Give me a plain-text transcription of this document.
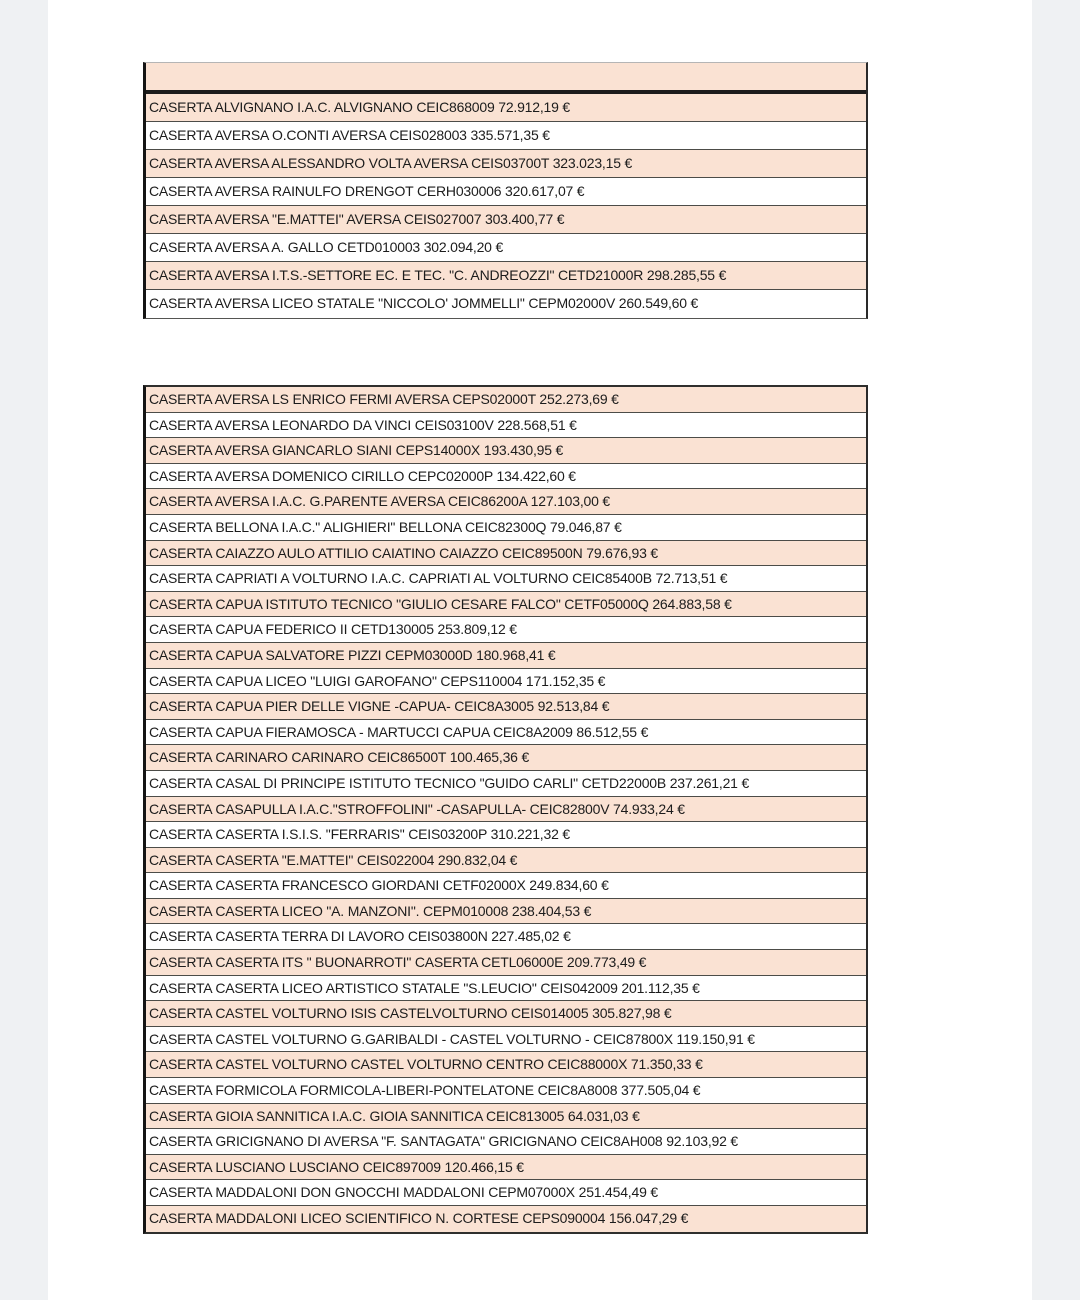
CASERTA ALVIGNANO I.A.C. ALVIGNANO CEIC868009 72.912,19 €
CASERTA AVERSA O.CONTI AVERSA CEIS028003 335.571,35 €
CASERTA AVERSA ALESSANDRO VOLTA AVERSA CEIS03700T 323.023,15 €
CASERTA AVERSA RAINULFO DRENGOT CERH030006 320.617,07 €
CASERTA AVERSA "E.MATTEI" AVERSA CEIS027007 303.400,77 €
CASERTA AVERSA A. GALLO CETD010003 302.094,20 €
CASERTA AVERSA I.T.S.-SETTORE EC. E TEC. "C. ANDREOZZI" CETD21000R 298.285,55 €
CASERTA AVERSA LICEO STATALE "NICCOLO' JOMMELLI" CEPM02000V 260.549,60 €
CASERTA AVERSA LS ENRICO FERMI AVERSA CEPS02000T 252.273,69 €
CASERTA AVERSA LEONARDO DA VINCI CEIS03100V 228.568,51 €
CASERTA AVERSA GIANCARLO SIANI CEPS14000X 193.430,95 €
CASERTA AVERSA DOMENICO CIRILLO CEPC02000P 134.422,60 €
CASERTA AVERSA I.A.C. G.PARENTE AVERSA CEIC86200A 127.103,00 €
CASERTA BELLONA I.A.C." ALIGHIERI" BELLONA CEIC82300Q 79.046,87 €
CASERTA CAIAZZO AULO ATTILIO CAIATINO CAIAZZO CEIC89500N 79.676,93 €
CASERTA CAPRIATI A VOLTURNO I.A.C. CAPRIATI AL VOLTURNO CEIC85400B 72.713,51 €
CASERTA CAPUA ISTITUTO TECNICO "GIULIO CESARE FALCO" CETF05000Q 264.883,58 €
CASERTA CAPUA FEDERICO II CETD130005 253.809,12 €
CASERTA CAPUA SALVATORE PIZZI CEPM03000D 180.968,41 €
CASERTA CAPUA LICEO "LUIGI GAROFANO" CEPS110004 171.152,35 €
CASERTA CAPUA PIER DELLE VIGNE -CAPUA- CEIC8A3005 92.513,84 €
CASERTA CAPUA FIERAMOSCA - MARTUCCI CAPUA CEIC8A2009 86.512,55 €
CASERTA CARINARO CARINARO CEIC86500T 100.465,36 €
CASERTA CASAL DI PRINCIPE ISTITUTO TECNICO "GUIDO CARLI" CETD22000B 237.261,21 €
CASERTA CASAPULLA I.A.C."STROFFOLINI" -CASAPULLA- CEIC82800V 74.933,24 €
CASERTA CASERTA I.S.I.S. "FERRARIS" CEIS03200P 310.221,32 €
CASERTA CASERTA "E.MATTEI" CEIS022004 290.832,04 €
CASERTA CASERTA FRANCESCO GIORDANI CETF02000X 249.834,60 €
CASERTA CASERTA LICEO "A. MANZONI". CEPM010008 238.404,53 €
CASERTA CASERTA TERRA DI LAVORO CEIS03800N 227.485,02 €
CASERTA CASERTA ITS " BUONARROTI" CASERTA CETL06000E 209.773,49 €
CASERTA CASERTA LICEO ARTISTICO STATALE "S.LEUCIO" CEIS042009 201.112,35 €
CASERTA CASTEL VOLTURNO ISIS CASTELVOLTURNO CEIS014005 305.827,98 €
CASERTA CASTEL VOLTURNO G.GARIBALDI - CASTEL VOLTURNO - CEIC87800X 119.150,91 €
CASERTA CASTEL VOLTURNO CASTEL VOLTURNO CENTRO CEIC88000X 71.350,33 €
CASERTA FORMICOLA FORMICOLA-LIBERI-PONTELATONE CEIC8A8008 377.505,04 €
CASERTA GIOIA SANNITICA I.A.C. GIOIA SANNITICA CEIC813005 64.031,03 €
CASERTA GRICIGNANO DI AVERSA "F. SANTAGATA" GRICIGNANO CEIC8AH008 92.103,92 €
CASERTA LUSCIANO LUSCIANO CEIC897009 120.466,15 €
CASERTA MADDALONI DON GNOCCHI MADDALONI CEPM07000X 251.454,49 €
CASERTA MADDALONI LICEO SCIENTIFICO N. CORTESE CEPS090004 156.047,29 €
